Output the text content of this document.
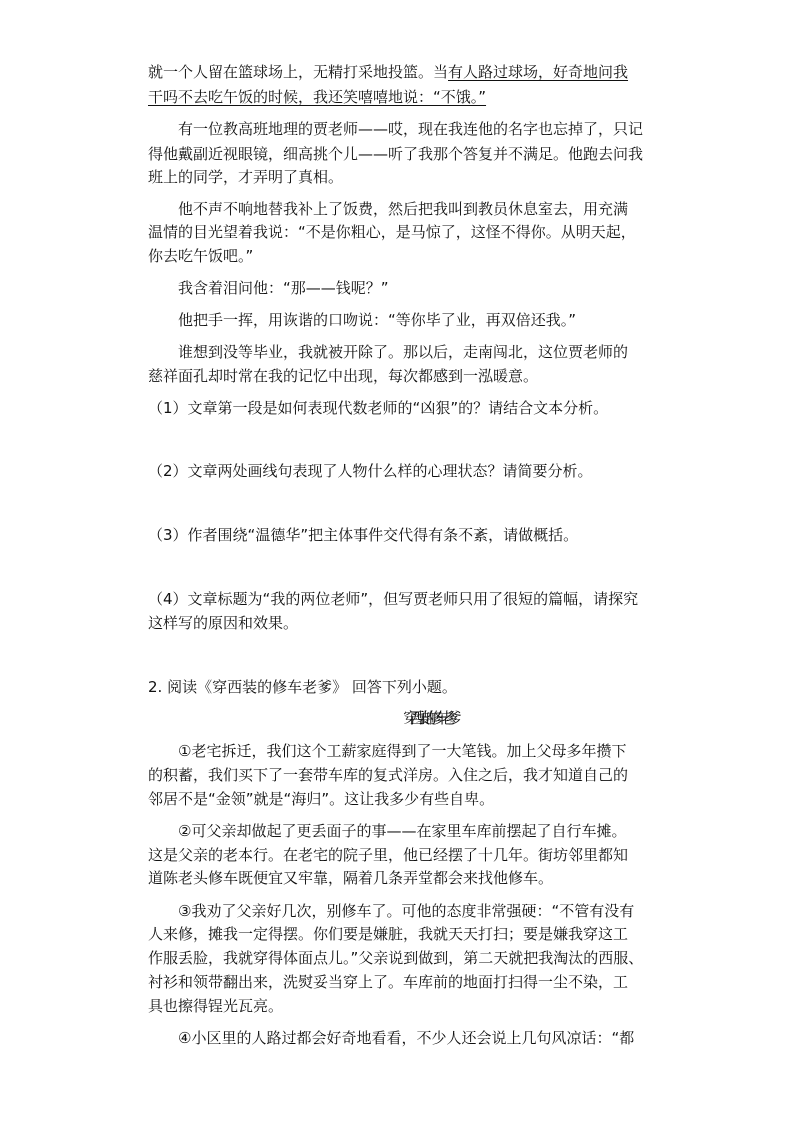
就一个人留在篮球场上，无精打采地投篮。当有人路过球场，好奇地问我
干吗不去吃午饭的时候，我还笑嘻嘻地说：“不饿。”
有一位教高班地理的贾老师——哎，现在我连他的名字也忘掉了，只记
得他戴副近视眼镜，细高挑个儿——听了我那个答复并不满足。他跑去问我
班上的同学，才弄明了真相。
他不声不响地替我补上了饭费，然后把我叫到教员休息室去，用充满
温情的目光望着我说：“不是你粗心，是马惊了，这怪不得你。从明天起，
你去吃午饭吧。”
我含着泪问他：“那——钱呢？”
他把手一挥，用诙谐的口吻说：“等你毕了业，再双倍还我。”
谁想到没等毕业，我就被开除了。那以后，走南闯北，这位贾老师的
慈祥面孔却时常在我的记忆中出现，每次都感到一泓暖意。
（1）文章第一段是如何表现代数老师的“凶狠”的？请结合文本分析。
（2）文章两处画线句表现了人物什么样的心理状态？请简要分析。
（3）作者围绕“温德华”把主体事件交代得有条不紊，请做概括。
（4）文章标题为“我的两位老师”，但写贾老师只用了很短的篇幅，请探究
这样写的原因和效果。
2. 阅读《穿西装的修车老爹》 回答下列小题。
穿西装的修车老爹
①老宅拆迁，我们这个工薪家庭得到了一大笔钱。加上父母多年攒下
的积蓄，我们买下了一套带车库的复式洋房。入住之后，我才知道自己的
邻居不是“金领”就是“海归”。这让我多少有些自卑。
②可父亲却做起了更丢面子的事——在家里车库前摆起了自行车摊。
这是父亲的老本行。在老宅的院子里，他已经摆了十几年。街坊邻里都知
道陈老头修车既便宜又牢靠，隔着几条弄堂都会来找他修车。
③我劝了父亲好几次，别修车了。可他的态度非常强硬：“不管有没有
人来修，摊我一定得摆。你们要是嫌脏，我就天天打扫；要是嫌我穿这工
作服丢脸，我就穿得体面点儿。”父亲说到做到，第二天就把我淘汰的西服、
衬衫和领带翻出来，洗熨妥当穿上了。车库前的地面打扫得一尘不染，工
具也擦得锃光瓦亮。
④小区里的人路过都会好奇地看看，不少人还会说上几句风凉话：“都
